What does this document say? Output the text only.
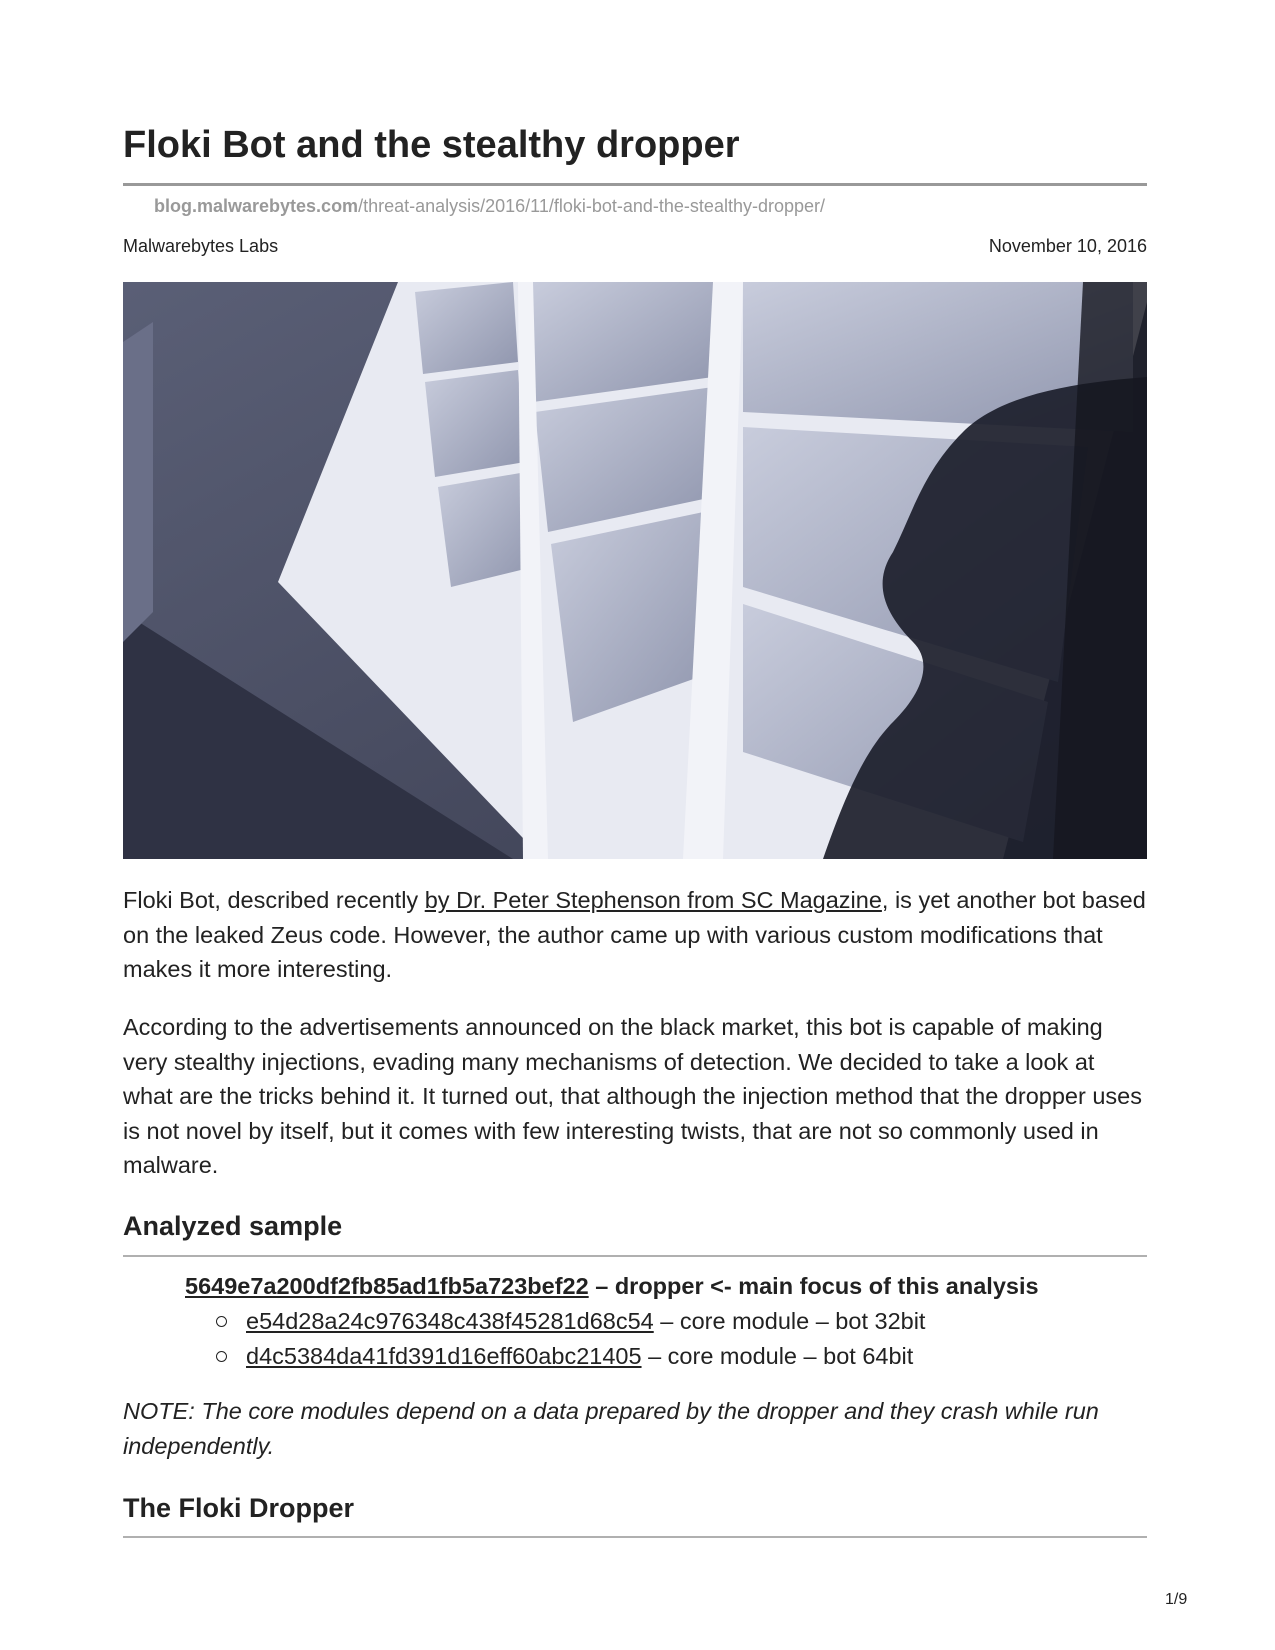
Floki Bot and the stealthy dropper
blog.malwarebytes.com/threat-analysis/2016/11/floki-bot-and-the-stealthy-dropper/
Malwarebytes Labs	November 10, 2016

Floki Bot, described recently by Dr. Peter Stephenson from SC Magazine, is yet another bot based on the leaked Zeus code. However, the author came up with various custom modifications that makes it more interesting.

According to the advertisements announced on the black market, this bot is capable of making very stealthy injections, evading many mechanisms of detection. We decided to take a look at what are the tricks behind it. It turned out, that although the injection method that the dropper uses is not novel by itself, but it comes with few interesting twists, that are not so commonly used in malware.

Analyzed sample
5649e7a200df2fb85ad1fb5a723bef22 – dropper <- main focus of this analysis
e54d28a24c976348c438f45281d68c54 – core module – bot 32bit
d4c5384da41fd391d16eff60abc21405 – core module – bot 64bit

NOTE: The core modules depend on a data prepared by the dropper and they crash while run independently.

The Floki Dropper
1/9
